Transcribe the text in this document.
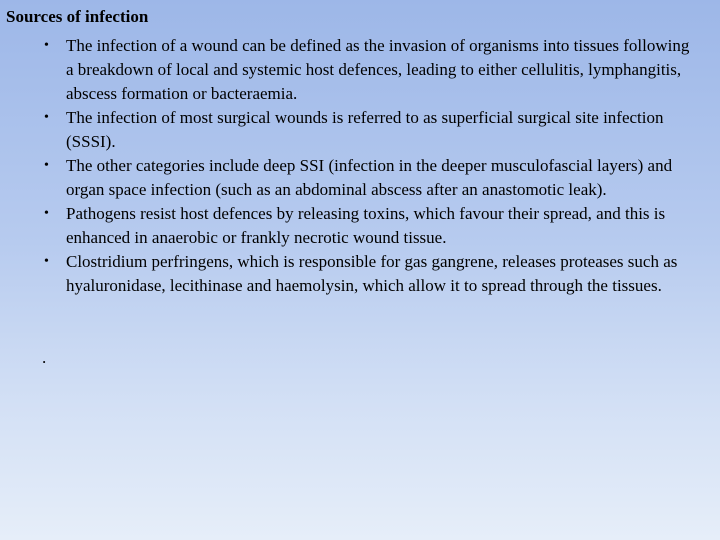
Sources of infection
• The infection of a wound can be defined as the invasion of organisms into tissues following a breakdown of local and systemic host defences, leading to either cellulitis, lymphangitis, abscess formation or bacteraemia.
• The infection of most surgical wounds is referred to as superficial surgical site infection (SSSI).
• The other categories include deep SSI (infection in the deeper musculofascial layers) and organ space infection (such as an abdominal abscess after an anastomotic leak).
• Pathogens resist host defences by releasing toxins, which favour their spread, and this is enhanced in anaerobic or frankly necrotic wound tissue.
• Clostridium perfringens, which is responsible for gas gangrene, releases proteases such as hyaluronidase, lecithinase and haemolysin, which allow it to spread through the tissues.
.
